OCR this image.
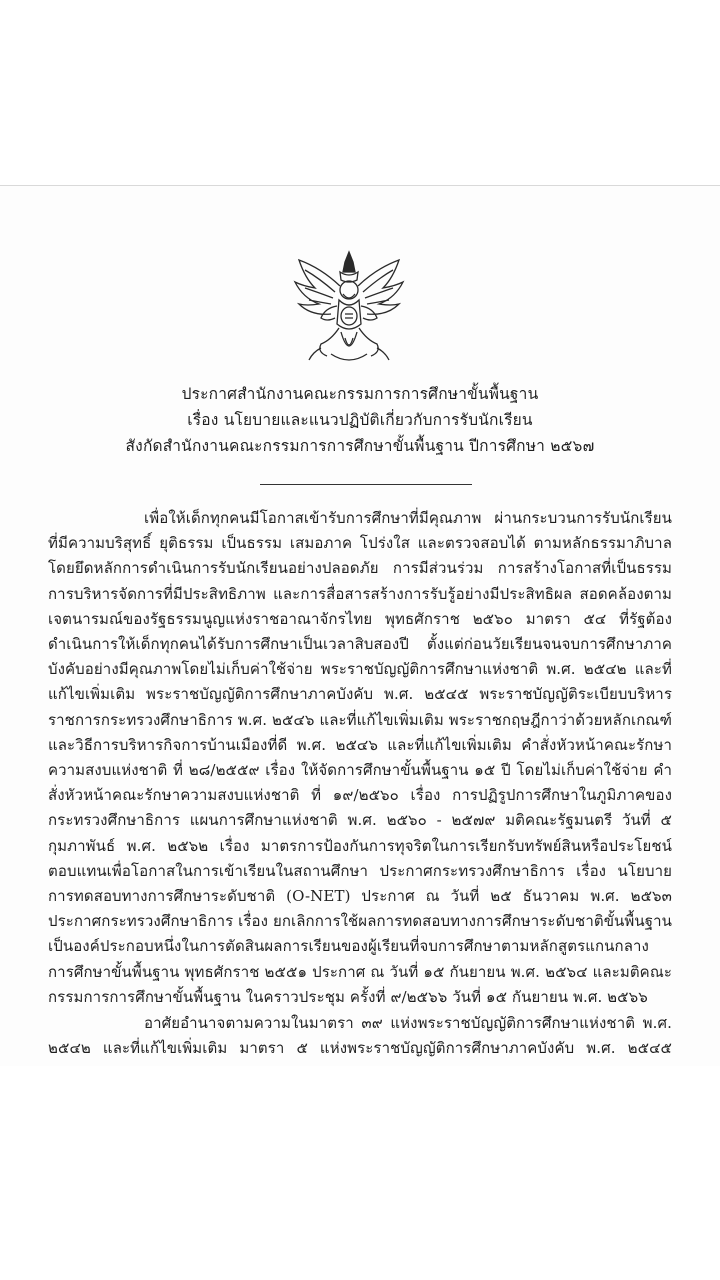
ประกาศสำนักงานคณะกรรมการการศึกษาขั้นพื้นฐาน
เรื่อง นโยบายและแนวปฏิบัติเกี่ยวกับการรับนักเรียน
สังกัดสำนักงานคณะกรรมการการศึกษาขั้นพื้นฐาน ปีการศึกษา ๒๕๖๗

เพื่อให้เด็กทุกคนมีโอกาสเข้ารับการศึกษาที่มีคุณภาพ ผ่านกระบวนการรับนักเรียนที่มีความบริสุทธิ์ ยุติธรรม เป็นธรรม เสมอภาค โปร่งใส และตรวจสอบได้ ตามหลักธรรมาภิบาล โดยยึดหลักการดำเนินการรับนักเรียนอย่างปลอดภัย การมีส่วนร่วม การสร้างโอกาสที่เป็นธรรม การบริหารจัดการที่มีประสิทธิภาพ และการสื่อสารสร้างการรับรู้อย่างมีประสิทธิผล สอดคล้องตามเจตนารมณ์ของรัฐธรรมนูญแห่งราชอาณาจักรไทย พุทธศักราช ๒๕๖๐ มาตรา ๕๔ ที่รัฐต้องดำเนินการให้เด็กทุกคนได้รับการศึกษาเป็นเวลาสิบสองปี ตั้งแต่ก่อนวัยเรียนจนจบการศึกษาภาคบังคับอย่างมีคุณภาพโดยไม่เก็บค่าใช้จ่าย พระราชบัญญัติการศึกษาแห่งชาติ พ.ศ. ๒๕๔๒ และที่แก้ไขเพิ่มเติม พระราชบัญญัติการศึกษาภาคบังคับ พ.ศ. ๒๕๔๕ พระราชบัญญัติระเบียบบริหารราชการกระทรวงศึกษาธิการ พ.ศ. ๒๕๔๖ และที่แก้ไขเพิ่มเติม พระราชกฤษฎีกาว่าด้วยหลักเกณฑ์และวิธีการบริหารกิจการบ้านเมืองที่ดี พ.ศ. ๒๕๔๖ และที่แก้ไขเพิ่มเติม คำสั่งหัวหน้าคณะรักษาความสงบแห่งชาติ ที่ ๒๘/๒๕๕๙ เรื่อง ให้จัดการศึกษาขั้นพื้นฐาน ๑๕ ปี โดยไม่เก็บค่าใช้จ่าย คำสั่งหัวหน้าคณะรักษาความสงบแห่งชาติ ที่ ๑๙/๒๕๖๐ เรื่อง การปฏิรูปการศึกษาในภูมิภาคของกระทรวงศึกษาธิการ แผนการศึกษาแห่งชาติ พ.ศ. ๒๕๖๐ - ๒๕๗๙ มติคณะรัฐมนตรี วันที่ ๕ กุมภาพันธ์ พ.ศ. ๒๕๖๒ เรื่อง มาตรการป้องกันการทุจริตในการเรียกรับทรัพย์สินหรือประโยชน์ตอบแทนเพื่อโอกาสในการเข้าเรียนในสถานศึกษา ประกาศกระทรวงศึกษาธิการ เรื่อง นโยบายการทดสอบทางการศึกษาระดับชาติ (O-NET) ประกาศ ณ วันที่ ๒๕ ธันวาคม พ.ศ. ๒๕๖๓ ประกาศกระทรวงศึกษาธิการ เรื่อง ยกเลิกการใช้ผลการทดสอบทางการศึกษาระดับชาติขั้นพื้นฐานเป็นองค์ประกอบหนึ่งในการตัดสินผลการเรียนของผู้เรียนที่จบการศึกษาตามหลักสูตรแกนกลางการศึกษาขั้นพื้นฐาน พุทธศักราช ๒๕๕๑ ประกาศ ณ วันที่ ๑๕ กันยายน พ.ศ. ๒๕๖๔ และมติคณะกรรมการการศึกษาขั้นพื้นฐาน ในคราวประชุม ครั้งที่ ๙/๒๕๖๖ วันที่ ๑๕ กันยายน พ.ศ. ๒๕๖๖

อาศัยอำนาจตามความในมาตรา ๓๙ แห่งพระราชบัญญัติการศึกษาแห่งชาติ พ.ศ. ๒๕๔๒ และที่แก้ไขเพิ่มเติม มาตรา ๕ แห่งพระราชบัญญัติการศึกษาภาคบังคับ พ.ศ. ๒๕๔๕
